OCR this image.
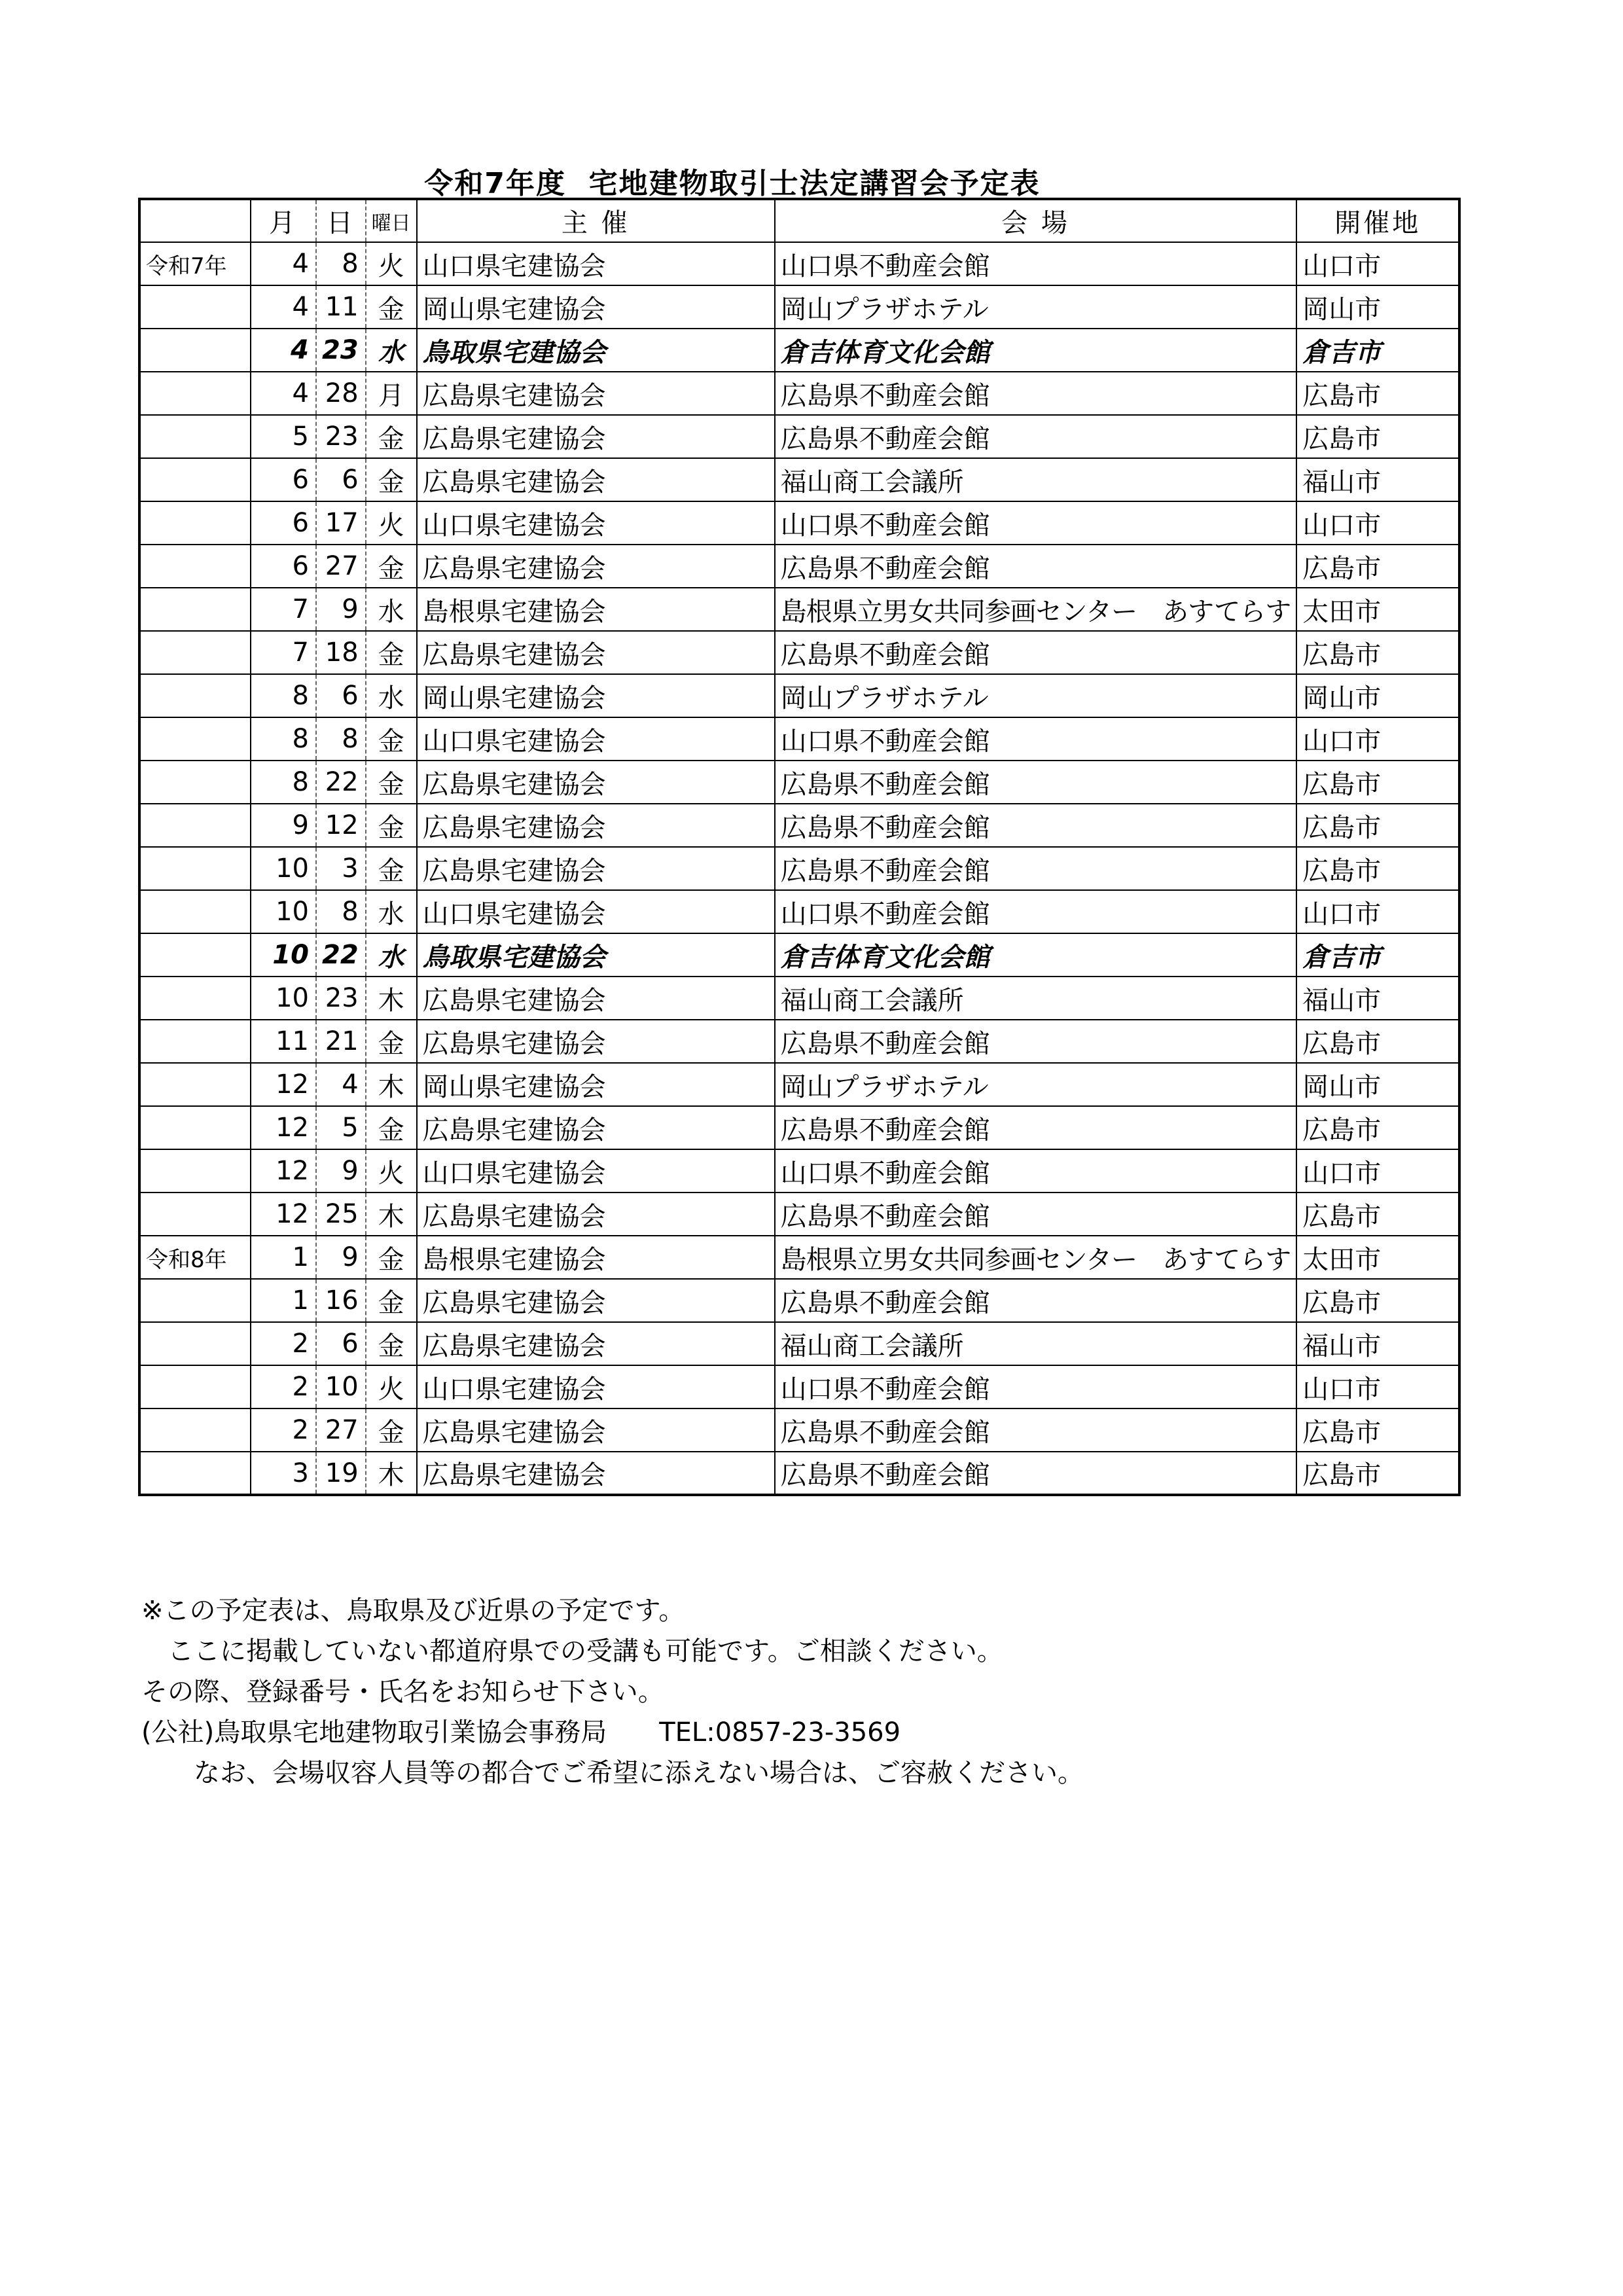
令和7年度  宅地建物取引士法定講習会予定表
	月	日	曜日	主 催	会 場	開催地
令和7年	4	8	火	山口県宅建協会	山口県不動産会館	山口市
	4	11	金	岡山県宅建協会	岡山プラザホテル	岡山市
	4	23	水	鳥取県宅建協会	倉吉体育文化会館	倉吉市
	4	28	月	広島県宅建協会	広島県不動産会館	広島市
	5	23	金	広島県宅建協会	広島県不動産会館	広島市
	6	6	金	広島県宅建協会	福山商工会議所	福山市
	6	17	火	山口県宅建協会	山口県不動産会館	山口市
	6	27	金	広島県宅建協会	広島県不動産会館	広島市
	7	9	水	島根県宅建協会	島根県立男女共同参画センター　あすてらす	太田市
	7	18	金	広島県宅建協会	広島県不動産会館	広島市
	8	6	水	岡山県宅建協会	岡山プラザホテル	岡山市
	8	8	金	山口県宅建協会	山口県不動産会館	山口市
	8	22	金	広島県宅建協会	広島県不動産会館	広島市
	9	12	金	広島県宅建協会	広島県不動産会館	広島市
	10	3	金	広島県宅建協会	広島県不動産会館	広島市
	10	8	水	山口県宅建協会	山口県不動産会館	山口市
	10	22	水	鳥取県宅建協会	倉吉体育文化会館	倉吉市
	10	23	木	広島県宅建協会	福山商工会議所	福山市
	11	21	金	広島県宅建協会	広島県不動産会館	広島市
	12	4	木	岡山県宅建協会	岡山プラザホテル	岡山市
	12	5	金	広島県宅建協会	広島県不動産会館	広島市
	12	9	火	山口県宅建協会	山口県不動産会館	山口市
	12	25	木	広島県宅建協会	広島県不動産会館	広島市
令和8年	1	9	金	島根県宅建協会	島根県立男女共同参画センター　あすてらす	太田市
	1	16	金	広島県宅建協会	広島県不動産会館	広島市
	2	6	金	広島県宅建協会	福山商工会議所	福山市
	2	10	火	山口県宅建協会	山口県不動産会館	山口市
	2	27	金	広島県宅建協会	広島県不動産会館	広島市
	3	19	木	広島県宅建協会	広島県不動産会館	広島市
※この予定表は、鳥取県及び近県の予定です。
　ここに掲載していない都道府県での受講も可能です。ご相談ください。
その際、登録番号・氏名をお知らせ下さい。
(公社)鳥取県宅地建物取引業協会事務局 TEL:0857-23-3569
　　なお、会場収容人員等の都合でご希望に添えない場合は、ご容赦ください。
